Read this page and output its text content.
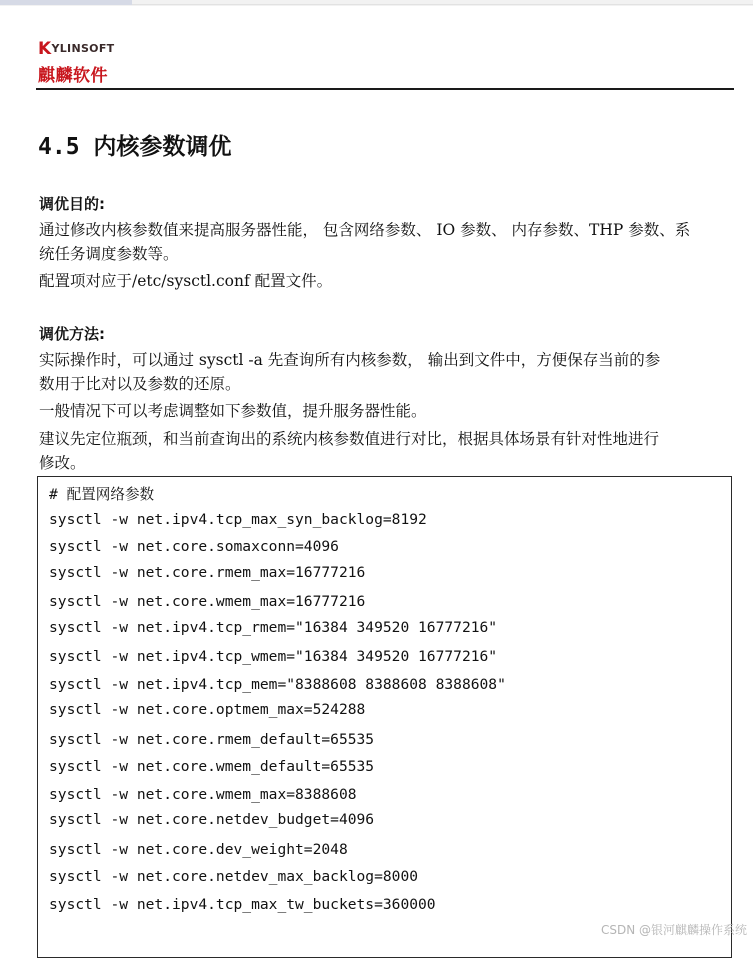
KYLINSOFT
麒麟软件
4.5 内核参数调优
调优目的:
通过修改内核参数值来提高服务器性能， 包含网络参数、 IO 参数、 内存参数、THP 参数、系
统任务调度参数等。
配置项对应于/etc/sysctl.conf 配置文件。
调优方法:
实际操作时，可以通过 sysctl -a 先查询所有内核参数， 输出到文件中，方便保存当前的参
数用于比对以及参数的还原。
一般情况下可以考虑调整如下参数值，提升服务器性能。
建议先定位瓶颈，和当前查询出的系统内核参数值进行对比，根据具体场景有针对性地进行
修改。
# 配置网络参数
sysctl -w net.ipv4.tcp_max_syn_backlog=8192
sysctl -w net.core.somaxconn=4096
sysctl -w net.core.rmem_max=16777216
sysctl -w net.core.wmem_max=16777216
sysctl -w net.ipv4.tcp_rmem="16384 349520 16777216"
sysctl -w net.ipv4.tcp_wmem="16384 349520 16777216"
sysctl -w net.ipv4.tcp_mem="8388608 8388608 8388608"
sysctl -w net.core.optmem_max=524288
sysctl -w net.core.rmem_default=65535
sysctl -w net.core.wmem_default=65535
sysctl -w net.core.wmem_max=8388608
sysctl -w net.core.netdev_budget=4096
sysctl -w net.core.dev_weight=2048
sysctl -w net.core.netdev_max_backlog=8000
sysctl -w net.ipv4.tcp_max_tw_buckets=360000
CSDN @银河麒麟操作系统
